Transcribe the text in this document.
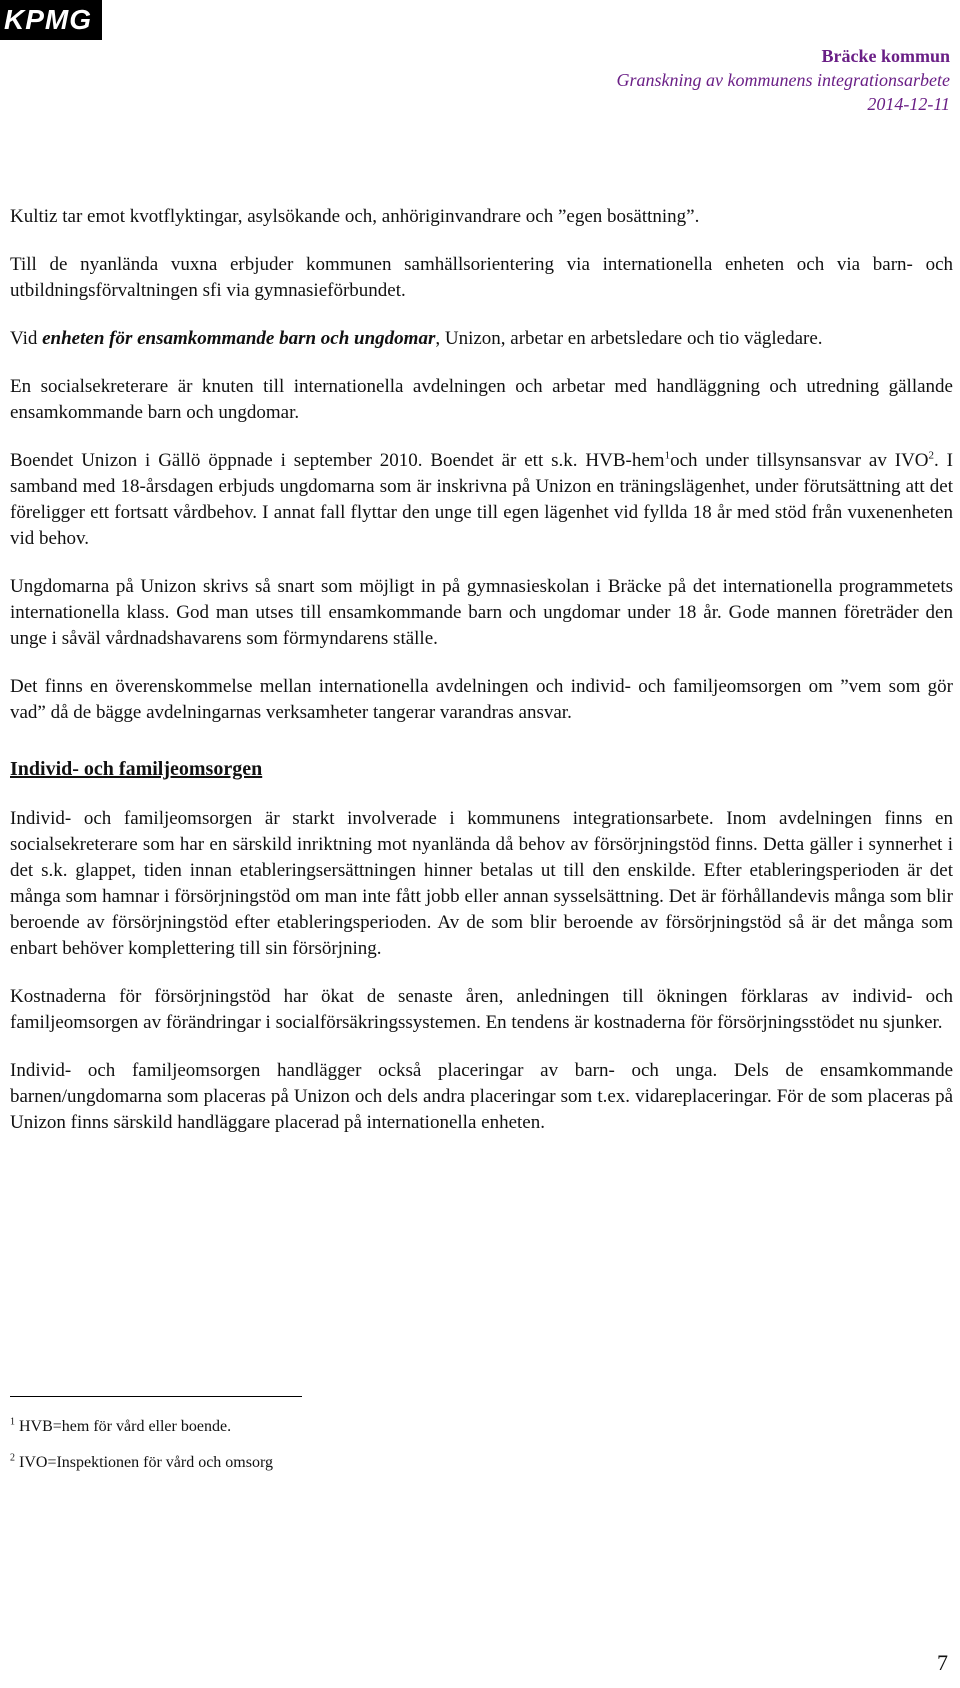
KPMG
Bräcke kommun
Granskning av kommunens integrationsarbete
2014-12-11

Kultiz tar emot kvotflyktingar, asylsökande och, anhöriginvandrare och ”egen bosättning”.

Till de nyanlända vuxna erbjuder kommunen samhällsorientering via internationella enheten och via barn- och utbildningsförvaltningen sfi via gymnasieförbundet.

Vid enheten för ensamkommande barn och ungdomar, Unizon, arbetar en arbetsledare och tio vägledare.

En socialsekreterare är knuten till internationella avdelningen och arbetar med handläggning och utredning gällande ensamkommande barn och ungdomar.

Boendet Unizon i Gällö öppnade i september 2010. Boendet är ett s.k. HVB-hem$^1$och under tillsynsansvar av IVO$^2$. I samband med 18-årsdagen erbjuds ungdomarna som är inskrivna på Unizon en träningslägenhet, under förutsättning att det föreligger ett fortsatt vårdbehov. I annat fall flyttar den unge till egen lägenhet vid fyllda 18 år med stöd från vuxenenheten vid behov.

Ungdomarna på Unizon skrivs så snart som möjligt in på gymnasieskolan i Bräcke på det internationella programmetets internationella klass. God man utses till ensamkommande barn och ungdomar under 18 år. Gode mannen företräder den unge i såväl vårdnadshavarens som förmyndarens ställe.

Det finns en överenskommelse mellan internationella avdelningen och individ- och familjeomsorgen om ”vem som gör vad” då de bägge avdelningarnas verksamheter tangerar varandras ansvar.

Individ- och familjeomsorgen

Individ- och familjeomsorgen är starkt involverade i kommunens integrationsarbete. Inom avdelningen finns en socialsekreterare som har en särskild inriktning mot nyanlända då behov av försörjningstöd finns. Detta gäller i synnerhet i det s.k. glappet, tiden innan etableringsersättningen hinner betalas ut till den enskilde. Efter etableringsperioden är det många som hamnar i försörjningstöd om man inte fått jobb eller annan sysselsättning. Det är förhållandevis många som blir beroende av försörjningstöd efter etableringsperioden. Av de som blir beroende av försörjningstöd så är det många som enbart behöver komplettering till sin försörjning.

Kostnaderna för försörjningstöd har ökat de senaste åren, anledningen till ökningen förklaras av individ- och familjeomsorgen av förändringar i socialförsäkringssystemen. En tendens är kostnaderna för försörjningsstödet nu sjunker.

Individ- och familjeomsorgen handlägger också placeringar av barn- och unga. Dels de ensamkommande barnen/ungdomarna som placeras på Unizon och dels andra placeringar som t.ex. vidareplaceringar. För de som placeras på Unizon finns särskild handläggare placerad på internationella enheten.

$^1$ HVB=hem för vård eller boende.
$^2$ IVO=Inspektionen för vård och omsorg
7
